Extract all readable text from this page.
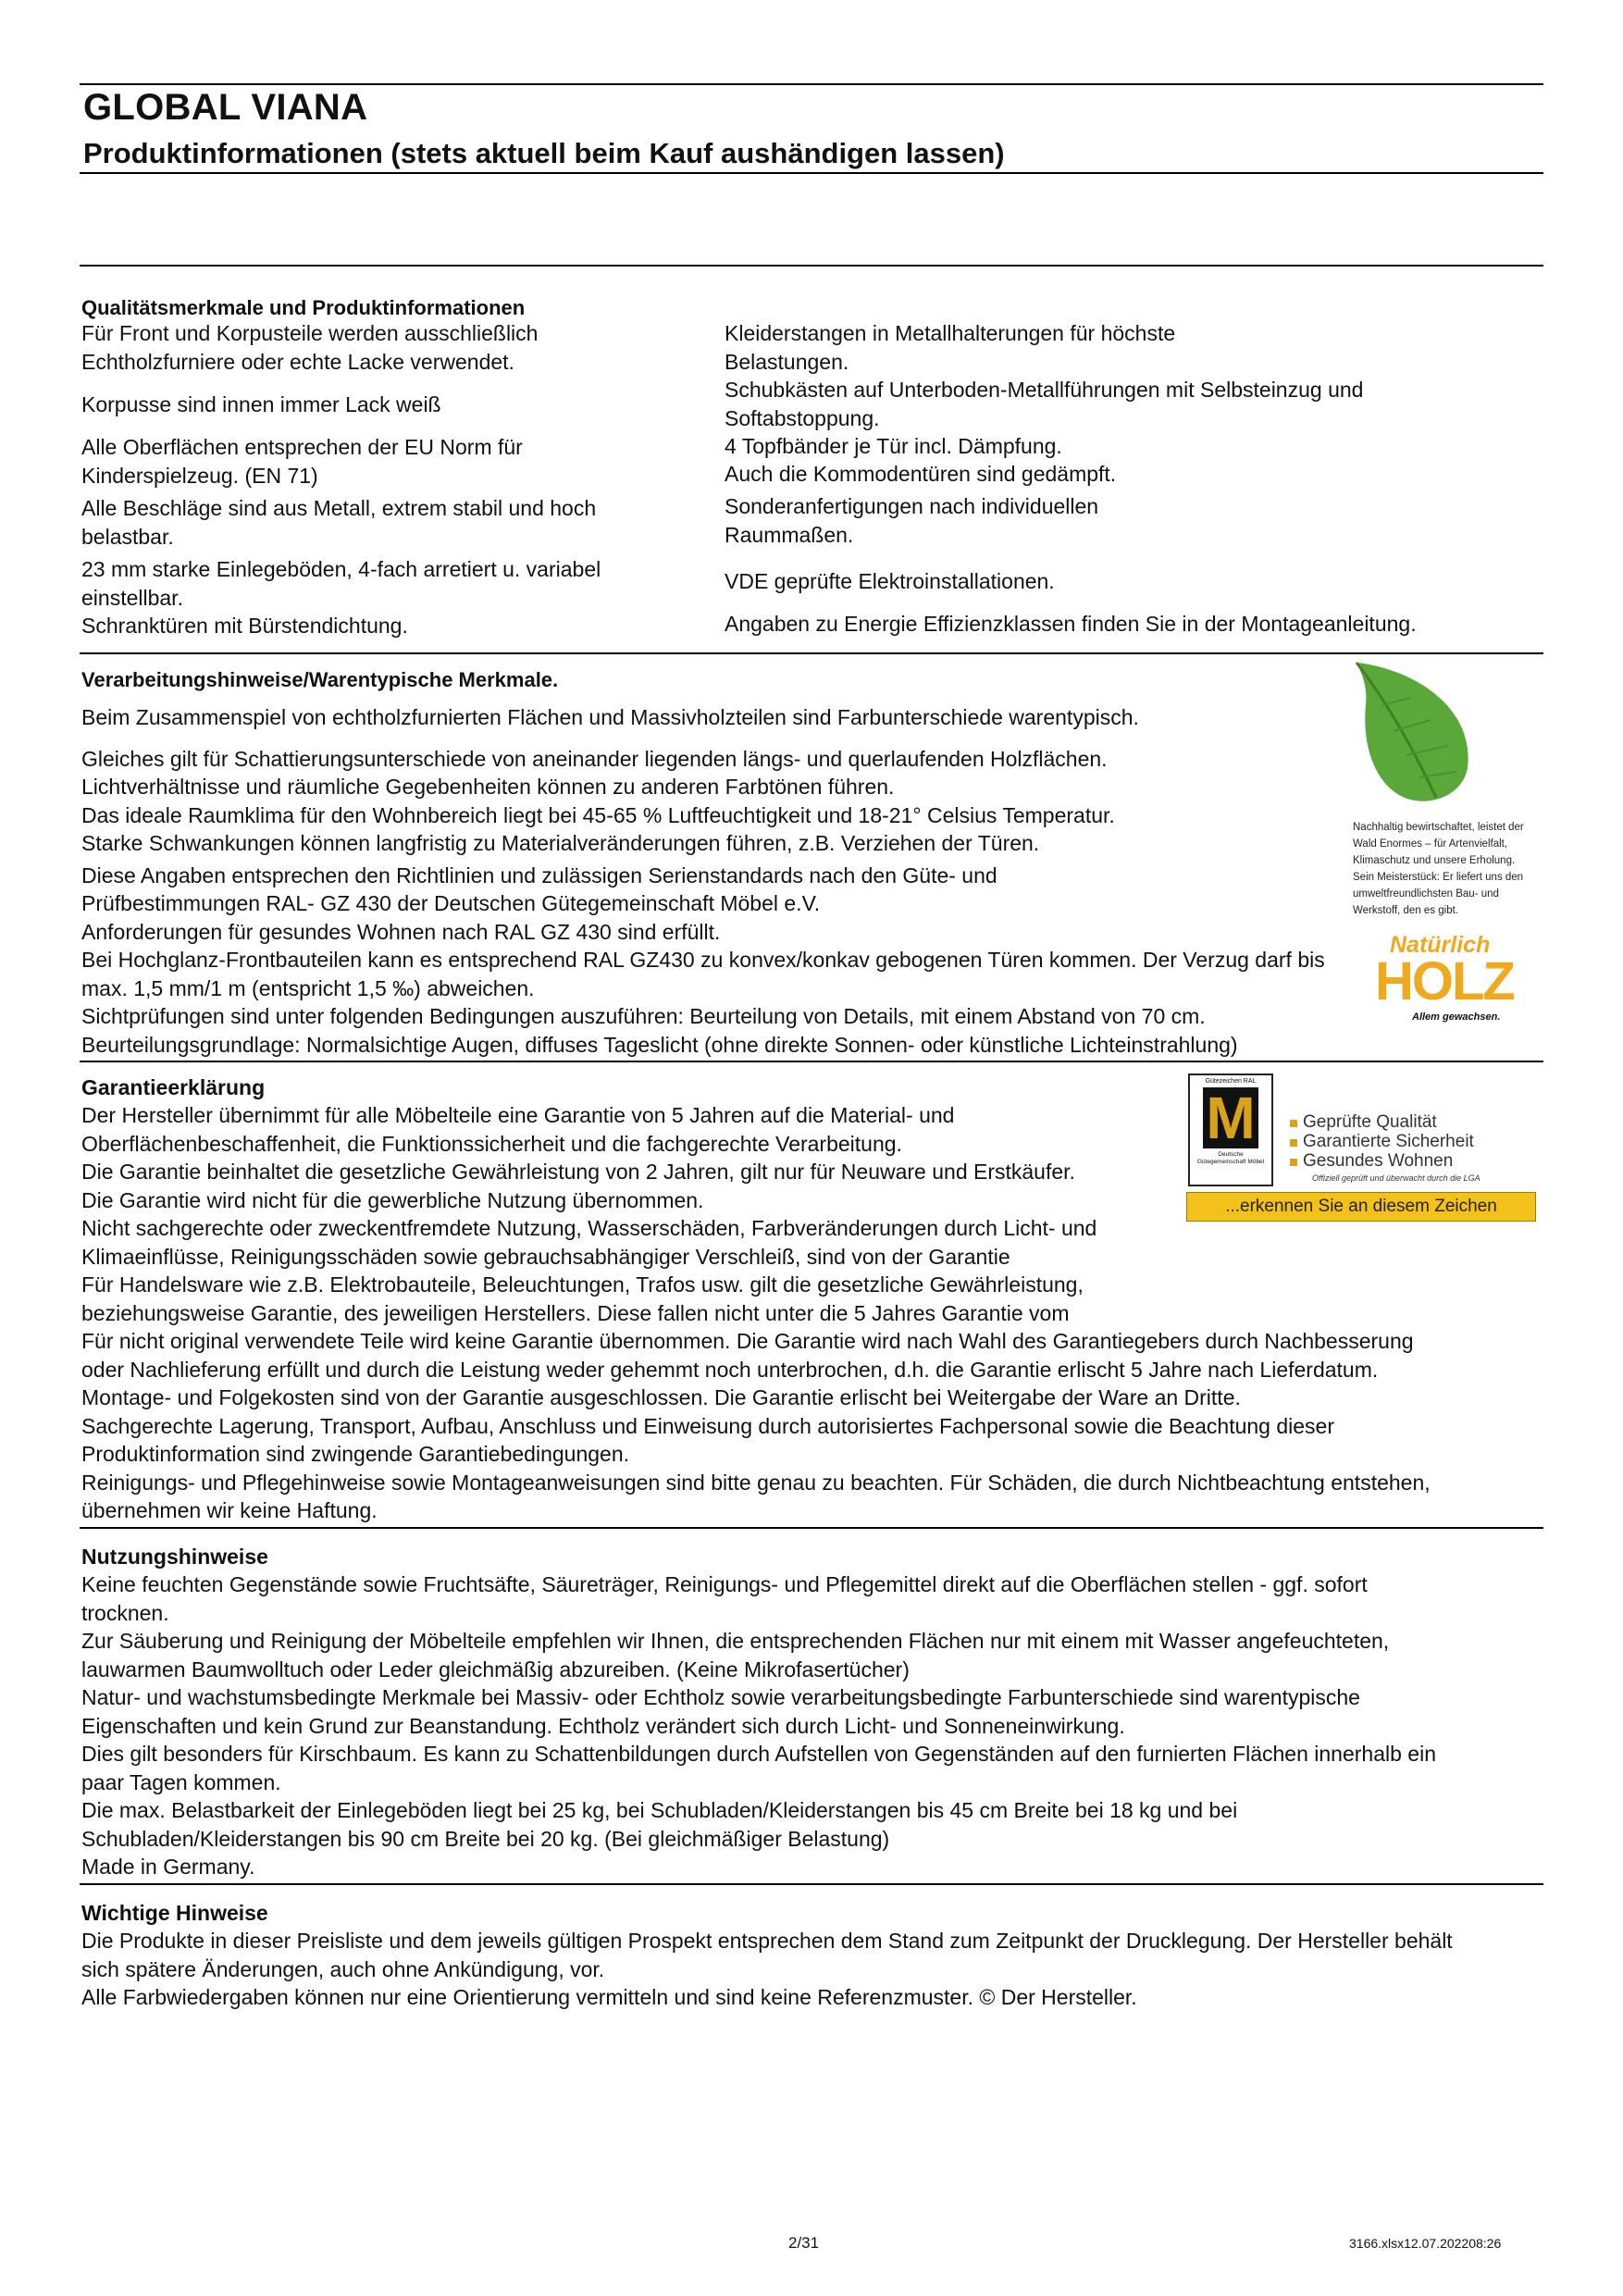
GLOBAL VIANA
Produktinformationen (stets aktuell beim Kauf aushändigen lassen)
Qualitätsmerkmale und Produktinformationen

Für Front und Korpusteile werden ausschließlich Echtholzfurniere oder echte Lacke verwendet.

Korpusse sind innen immer Lack weiß

Alle Oberflächen entsprechen der EU Norm für Kinderspielzeug. (EN 71)

Alle Beschläge sind aus Metall, extrem stabil und hoch belastbar.

23 mm starke Einlegeböden, 4-fach arretiert u. variabel einstellbar.

Schranktüren mit Bürstendichtung.

Kleiderstangen in Metallhalterungen für höchste Belastungen.

Schubkästen auf Unterboden-Metallführungen mit Selbsteinzug und Softabstoppung.

4 Topfbänder je Tür incl. Dämpfung.

Auch die Kommodentüren sind gedämpft.

Sonderanfertigungen nach individuellen Raummaßen.

VDE geprüfte Elektroinstallationen.

Angaben zu Energie Effizienzklassen finden Sie in der Montageanleitung.

Verarbeitungshinweise/Warentypische Merkmale.

Beim Zusammenspiel von echtholzfurnierten Flächen und Massivholzteilen sind Farbunterschiede warentypisch.

Gleiches gilt für Schattierungsunterschiede von aneinander liegenden längs- und querlaufenden Holzflächen.

Lichtverhältnisse und räumliche Gegebenheiten können zu anderen Farbtönen führen.

Das ideale Raumklima für den Wohnbereich liegt bei 45-65 % Luftfeuchtigkeit und 18-21° Celsius Temperatur.

Starke Schwankungen können langfristig zu Materialveränderungen führen, z.B. Verziehen der Türen.

Diese Angaben entsprechen den Richtlinien und zulässigen Serienstandards nach den Güte- und Prüfbestimmungen RAL- GZ 430 der Deutschen Gütegemeinschaft Möbel e.V.

Anforderungen für gesundes Wohnen nach RAL GZ 430 sind erfüllt.

Bei Hochglanz-Frontbauteilen kann es entsprechend RAL GZ430 zu konvex/konkav gebogenen Türen kommen. Der Verzug darf bis max. 1,5 mm/1 m (entspricht 1,5 ‰) abweichen.

Sichtprüfungen sind unter folgenden Bedingungen auszuführen: Beurteilung von Details, mit einem Abstand von 70 cm.

Beurteilungsgrundlage: Normalsichtige Augen, diffuses Tageslicht (ohne direkte Sonnen- oder künstliche Lichteinstrahlung)

Nachhaltig bewirtschaftet, leistet der Wald Enormes – für Artenvielfalt, Klimaschutz und unsere Erholung. Sein Meisterstück: Er liefert uns den umweltfreundlichsten Bau- und Werkstoff, den es gibt.
Natürlich
HOLZ
Allem gewachsen.
Garantieerklärung

Der Hersteller übernimmt für alle Möbelteile eine Garantie von 5 Jahren auf die Material- und

Oberflächenbeschaffenheit, die Funktionssicherheit und die fachgerechte Verarbeitung.

Die Garantie beinhaltet die gesetzliche Gewährleistung von 2 Jahren, gilt nur für Neuware und Erstkäufer.

Die Garantie wird nicht für die gewerbliche Nutzung übernommen.

Nicht sachgerechte oder zweckentfremdete Nutzung, Wasserschäden, Farbveränderungen durch Licht- und

Klimaeinflüsse, Reinigungsschäden sowie gebrauchsabhängiger Verschleiß, sind von der Garantie

Für Handelsware wie z.B. Elektrobauteile, Beleuchtungen, Trafos usw. gilt die gesetzliche Gewährleistung,

beziehungsweise Garantie, des jeweiligen Herstellers. Diese fallen nicht unter die 5 Jahres Garantie vom

Für nicht original verwendete Teile wird keine Garantie übernommen. Die Garantie wird nach Wahl des Garantiegebers durch Nachbesserung

oder Nachlieferung erfüllt und durch die Leistung weder gehemmt noch unterbrochen, d.h. die Garantie erlischt 5 Jahre nach Lieferdatum.

Montage- und Folgekosten sind von der Garantie ausgeschlossen. Die Garantie erlischt bei Weitergabe der Ware an Dritte.

Sachgerechte Lagerung, Transport, Aufbau, Anschluss und Einweisung durch autorisiertes Fachpersonal sowie die Beachtung dieser

Produktinformation sind zwingende Garantiebedingungen.

Reinigungs- und Pflegehinweise sowie Montageanweisungen sind bitte genau zu beachten. Für Schäden, die durch Nichtbeachtung entstehen,

übernehmen wir keine Haftung.

Gütezeichen RAL
M
Deutsche Gütegemeinschaft Möbel
Geprüfte Qualität
Garantierte Sicherheit
Gesundes Wohnen
Offiziell geprüft und überwacht durch die LGA
...erkennen Sie an diesem Zeichen
Nutzungshinweise

Keine feuchten Gegenstände sowie Fruchtsäfte, Säureträger, Reinigungs- und Pflegemittel direkt auf die Oberflächen stellen - ggf. sofort

trocknen.

Zur Säuberung und Reinigung der Möbelteile empfehlen wir Ihnen, die entsprechenden Flächen nur mit einem mit Wasser angefeuchteten,

lauwarmen Baumwolltuch oder Leder gleichmäßig abzureiben. (Keine Mikrofasertücher)

Natur- und wachstumsbedingte Merkmale bei Massiv- oder Echtholz sowie verarbeitungsbedingte Farbunterschiede sind warentypische

Eigenschaften und kein Grund zur Beanstandung. Echtholz verändert sich durch Licht- und Sonneneinwirkung.

Dies gilt besonders für Kirschbaum. Es kann zu Schattenbildungen durch Aufstellen von Gegenständen auf den furnierten Flächen innerhalb ein

paar Tagen kommen.

Die max. Belastbarkeit der Einlegeböden liegt bei 25 kg, bei Schubladen/Kleiderstangen bis 45 cm Breite bei 18 kg und bei

Schubladen/Kleiderstangen bis 90 cm Breite bei 20 kg. (Bei gleichmäßiger Belastung)

Made in Germany.

Wichtige Hinweise

Die Produkte in dieser Preisliste und dem jeweils gültigen Prospekt entsprechen dem Stand zum Zeitpunkt der Drucklegung. Der Hersteller behält

sich spätere Änderungen, auch ohne Ankündigung, vor.

Alle Farbwiedergaben können nur eine Orientierung vermitteln und sind keine Referenzmuster. © Der Hersteller.

2/31	3166.xlsx12.07.202208:26
